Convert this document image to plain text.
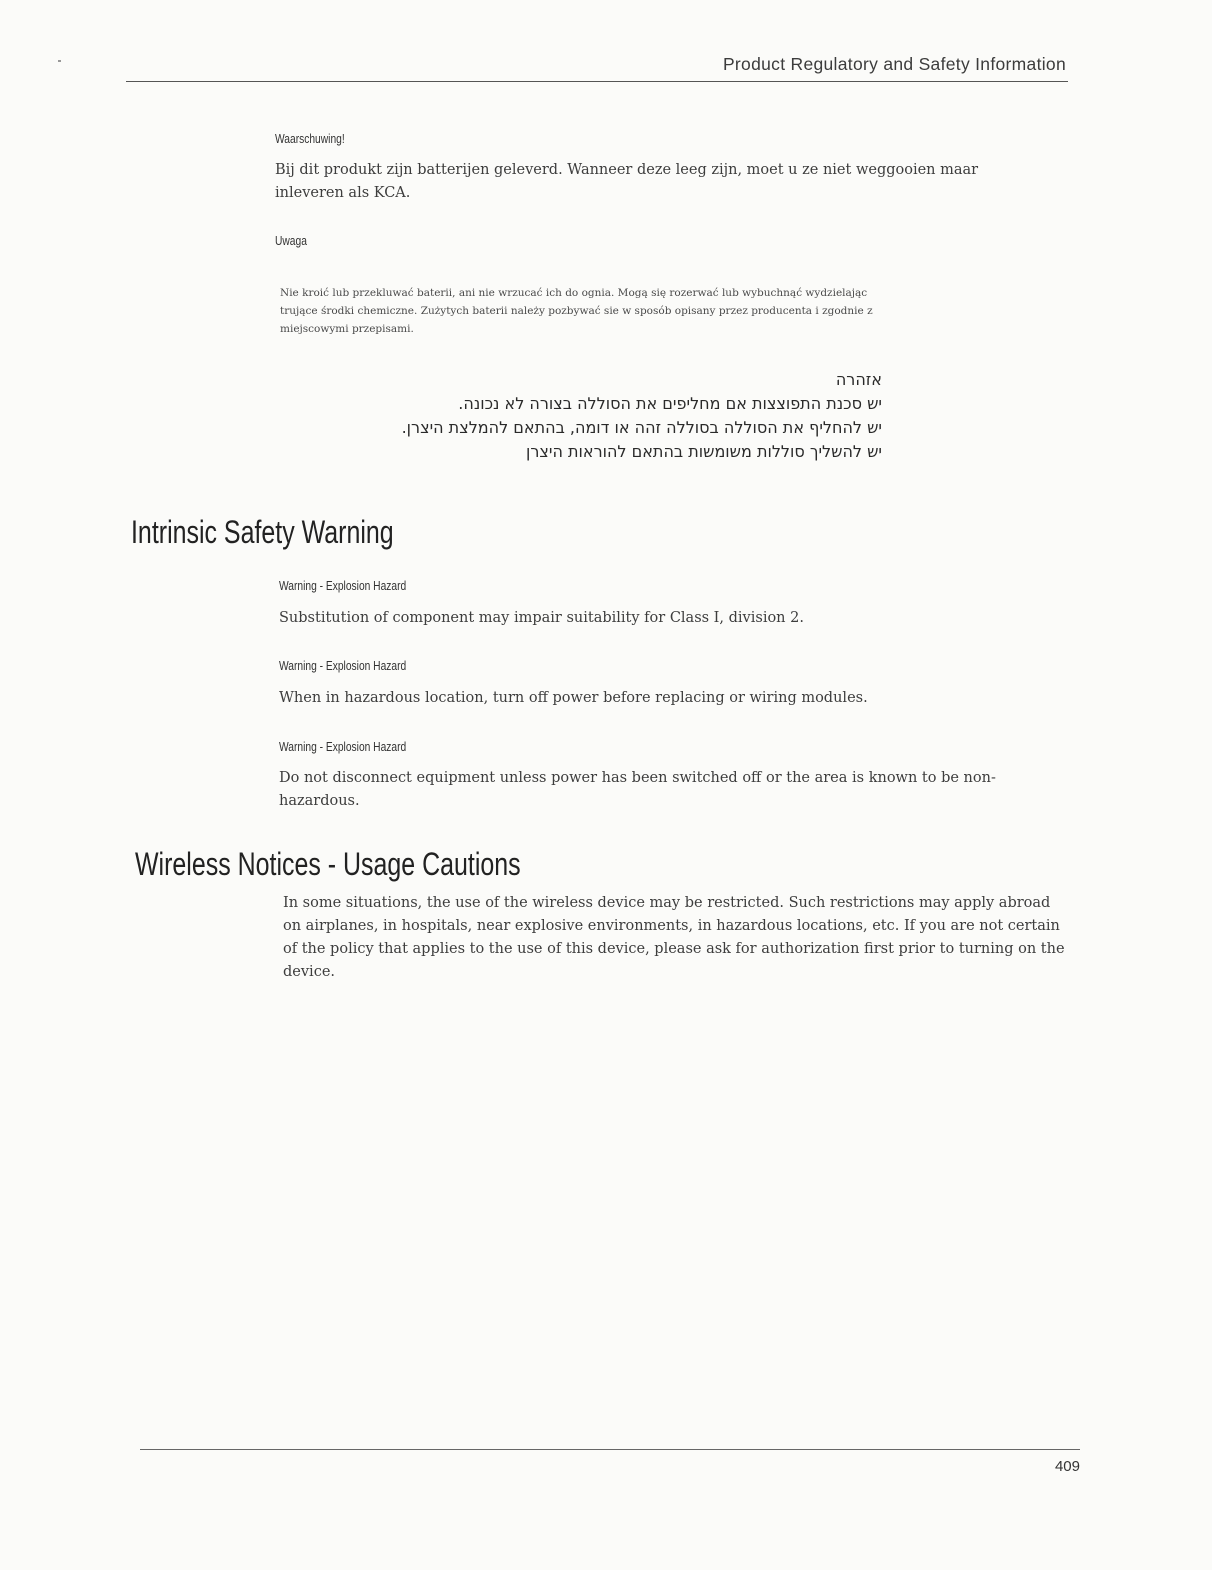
Product Regulatory and Safety Information
Waarschuwing!
Bij dit produkt zijn batterijen geleverd. Wanneer deze leeg zijn, moet u ze niet weggooien maar inleveren als KCA.
Uwaga
Nie kroić lub przekluwać baterii, ani nie wrzucać ich do ognia. Mogą się rozerwać lub wybuchnąć wydzielając trujące środki chemiczne. Zużytych baterii należy pozbywać sie w sposób opisany przez producenta i zgodnie z miejscowymi przepisami.
אזהרה
יש סכנת התפוצצות אם מחליפים את הסוללה בצורה לא נכונה.
יש להחליף את הסוללה בסוללה זהה או דומה, בהתאם להמלצת היצרן.
יש להשליך סוללות משומשות בהתאם להוראות היצרן
Intrinsic Safety Warning
Warning - Explosion Hazard
Substitution of component may impair suitability for Class I, division 2.
Warning - Explosion Hazard
When in hazardous location, turn off power before replacing or wiring modules.
Warning - Explosion Hazard
Do not disconnect equipment unless power has been switched off or the area is known to be non-hazardous.
Wireless Notices - Usage Cautions
In some situations, the use of the wireless device may be restricted. Such restrictions may apply abroad on airplanes, in hospitals, near explosive environments, in hazardous locations, etc. If you are not certain of the policy that applies to the use of this device, please ask for authorization first prior to turning on the device.
409
